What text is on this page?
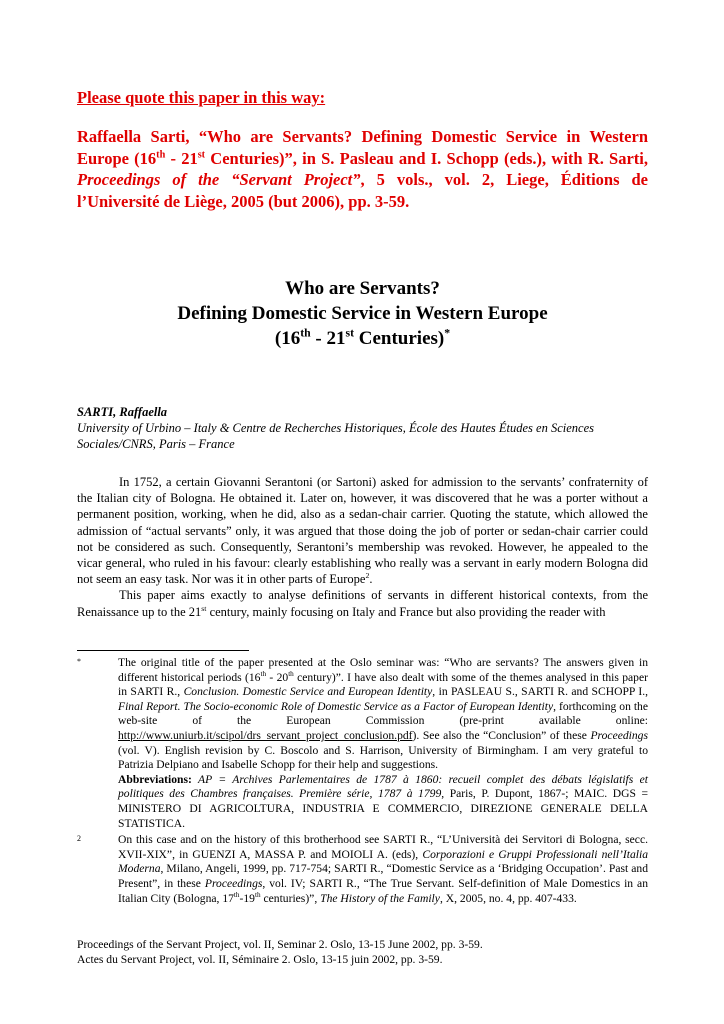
Please quote this paper in this way:
Raffaella Sarti, “Who are Servants? Defining Domestic Service in Western Europe (16th - 21st Centuries)”, in S. Pasleau and I. Schopp (eds.), with R. Sarti, Proceedings of the “Servant Project”, 5 vols., vol. 2, Liege, Éditions de l’Université de Liège, 2005 (but 2006), pp. 3-59.
Who are Servants?
Defining Domestic Service in Western Europe
(16th - 21st Centuries)*
SARTI, Raffaella
University of Urbino – Italy & Centre de Recherches Historiques, École des Hautes Études en Sciences Sociales/CNRS, Paris – France

In 1752, a certain Giovanni Serantoni (or Sartoni) asked for admission to the servants’ confraternity of the Italian city of Bologna. He obtained it. Later on, however, it was discovered that he was a porter without a permanent position, working, when he did, also as a sedan-chair carrier. Quoting the statute, which allowed the admission of “actual servants” only, it was argued that those doing the job of porter or sedan-chair carrier could not be considered as such. Consequently, Serantoni’s membership was revoked. However, he appealed to the vicar general, who ruled in his favour: clearly establishing who really was a servant in early modern Bologna did not seem an easy task. Nor was it in other parts of Europe$^2$.

This paper aims exactly to analyse definitions of servants in different historical contexts, from the Renaissance up to the 21st century, mainly focusing on Italy and France but also providing the reader with

*	The original title of the paper presented at the Oslo seminar was: “Who are servants? The answers given in different historical periods (16th - 20th century)”. I have also dealt with some of the themes analysed in this paper in SARTI R., Conclusion. Domestic Service and European Identity, in PASLEAU S., SARTI R. and SCHOPP I., Final Report. The Socio-economic Role of Domestic Service as a Factor of European Identity, forthcoming on the web-site of the European Commission (pre-print available online: http://www.uniurb.it/scipol/drs_servant_project_conclusion.pdf). See also the “Conclusion” of these Proceedings (vol. V). English revision by C. Boscolo and S. Harrison, University of Birmingham. I am very grateful to Patrizia Delpiano and Isabelle Schopp for their help and suggestions.
Abbreviations: AP = Archives Parlementaires de 1787 à 1860: recueil complet des débats législatifs et politiques des Chambres françaises. Première série, 1787 à 1799, Paris, P. Dupont, 1867-; MAIC. DGS = MINISTERO DI AGRICOLTURA, INDUSTRIA E COMMERCIO, DIREZIONE GENERALE DELLA STATISTICA.
2	On this case and on the history of this brotherhood see SARTI R., “L’Università dei Servitori di Bologna, secc. XVII-XIX”, in GUENZI A, MASSA P. and MOIOLI A. (eds), Corporazioni e Gruppi Professionali nell’Italia Moderna, Milano, Angeli, 1999, pp. 717-754; SARTI R., “Domestic Service as a ‘Bridging Occupation’. Past and Present”, in these Proceedings, vol. IV; SARTI R., “The True Servant. Self-definition of Male Domestics in an Italian City (Bologna, 17th-19th centuries)”, The History of the Family, X, 2005, no. 4, pp. 407-433.
Proceedings of the Servant Project, vol. II, Seminar 2. Oslo, 13-15 June 2002, pp. 3-59.
Actes du Servant Project, vol. II, Séminaire 2. Oslo, 13-15 juin 2002, pp. 3-59.
